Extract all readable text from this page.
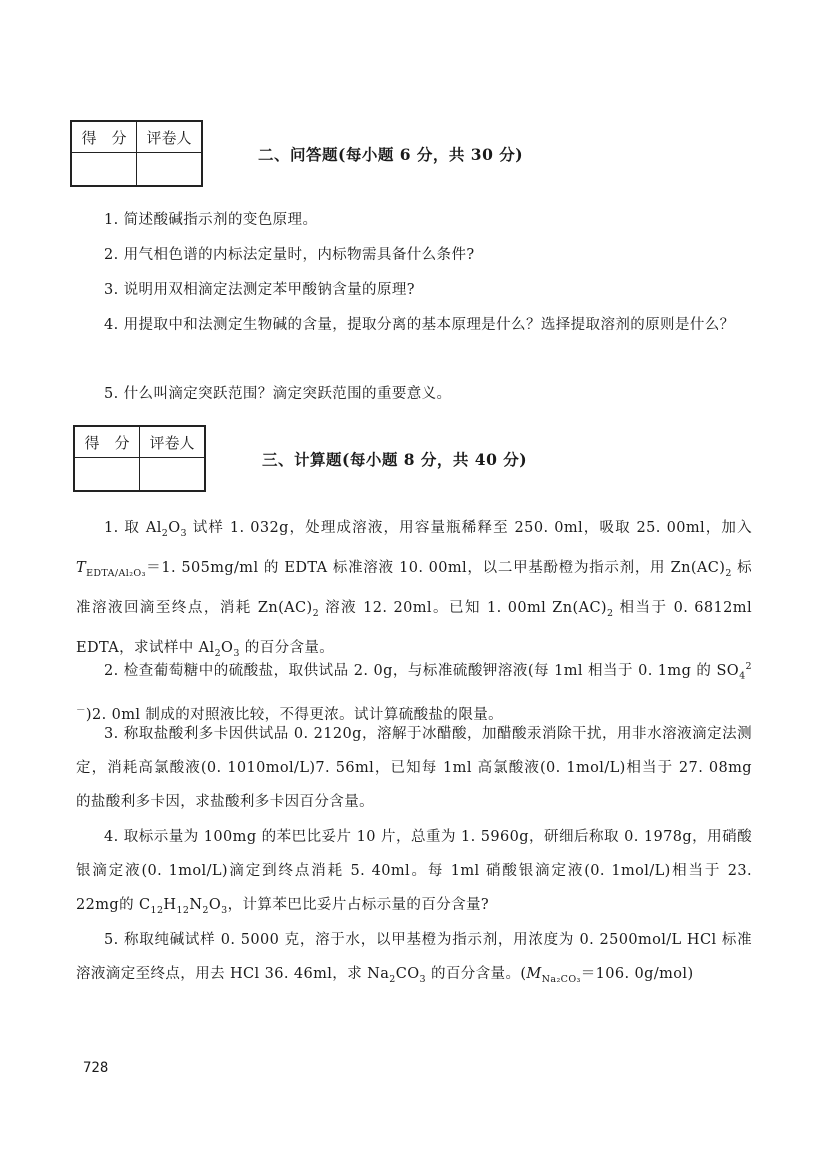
得　分	评卷人

二、问答题(每小题 6 分，共 30 分)
1. 简述酸碱指示剂的变色原理。
2. 用气相色谱的内标法定量时，内标物需具备什么条件?
3. 说明用双相滴定法测定苯甲酸钠含量的原理?
4. 用提取中和法测定生物碱的含量，提取分离的基本原理是什么？选择提取溶剂的原则是什么？
5. 什么叫滴定突跃范围？滴定突跃范围的重要意义。
得　分	评卷人

三、计算题(每小题 8 分，共 40 分)
1. 取 $Al_2O_3$ 试样 1. 032g，处理成溶液，用容量瓶稀释至 250. 0ml，吸取 25. 00ml，加入 $T_{EDTA/Al_2O_3}=1$. 505mg/ml 的 EDTA 标准溶液 10. 00ml，以二甲基酚橙为指示剂，用 $Zn(AC)_2$ 标准溶液回滴至终点，消耗 $Zn(AC)_2$ 溶液 12. 20ml。已知 1. 00ml $Zn(AC)_2$ 相当于 0. 6812ml EDTA，求试样中 $Al_2O_3$ 的百分含量。
2. 检查葡萄糖中的硫酸盐，取供试品 2. 0g，与标准硫酸钾溶液(每 1ml 相当于 0. 1mg 的 $SO_4^{2-})2$. 0ml 制成的对照液比较，不得更浓。试计算硫酸盐的限量。
3. 称取盐酸利多卡因供试品 0. 2120g，溶解于冰醋酸，加醋酸汞消除干扰，用非水溶液滴定法测定，消耗高氯酸液(0. 1010mol/L)7. 56ml，已知每 1ml 高氯酸液(0. 1mol/L)相当于 27. 08mg 的盐酸利多卡因，求盐酸利多卡因百分含量。
4. 取标示量为 100mg 的苯巴比妥片 10 片，总重为 1. 5960g，研细后称取 0. 1978g，用硝酸银滴定液(0. 1mol/L)滴定到终点消耗 5. 40ml。每 1ml 硝酸银滴定液(0. 1mol/L)相当于 23. 22mg的 $C_{12}H_{12}N_2O_3$，计算苯巴比妥片占标示量的百分含量?
5. 称取纯碱试样 0. 5000 克，溶于水，以甲基橙为指示剂，用浓度为 0. 2500mol/L HCl 标准溶液滴定至终点，用去 HCl 36. 46ml，求 $Na_2CO_3$ 的百分含量。($M_{Na_2CO_3}=106$. 0g/mol)
728
